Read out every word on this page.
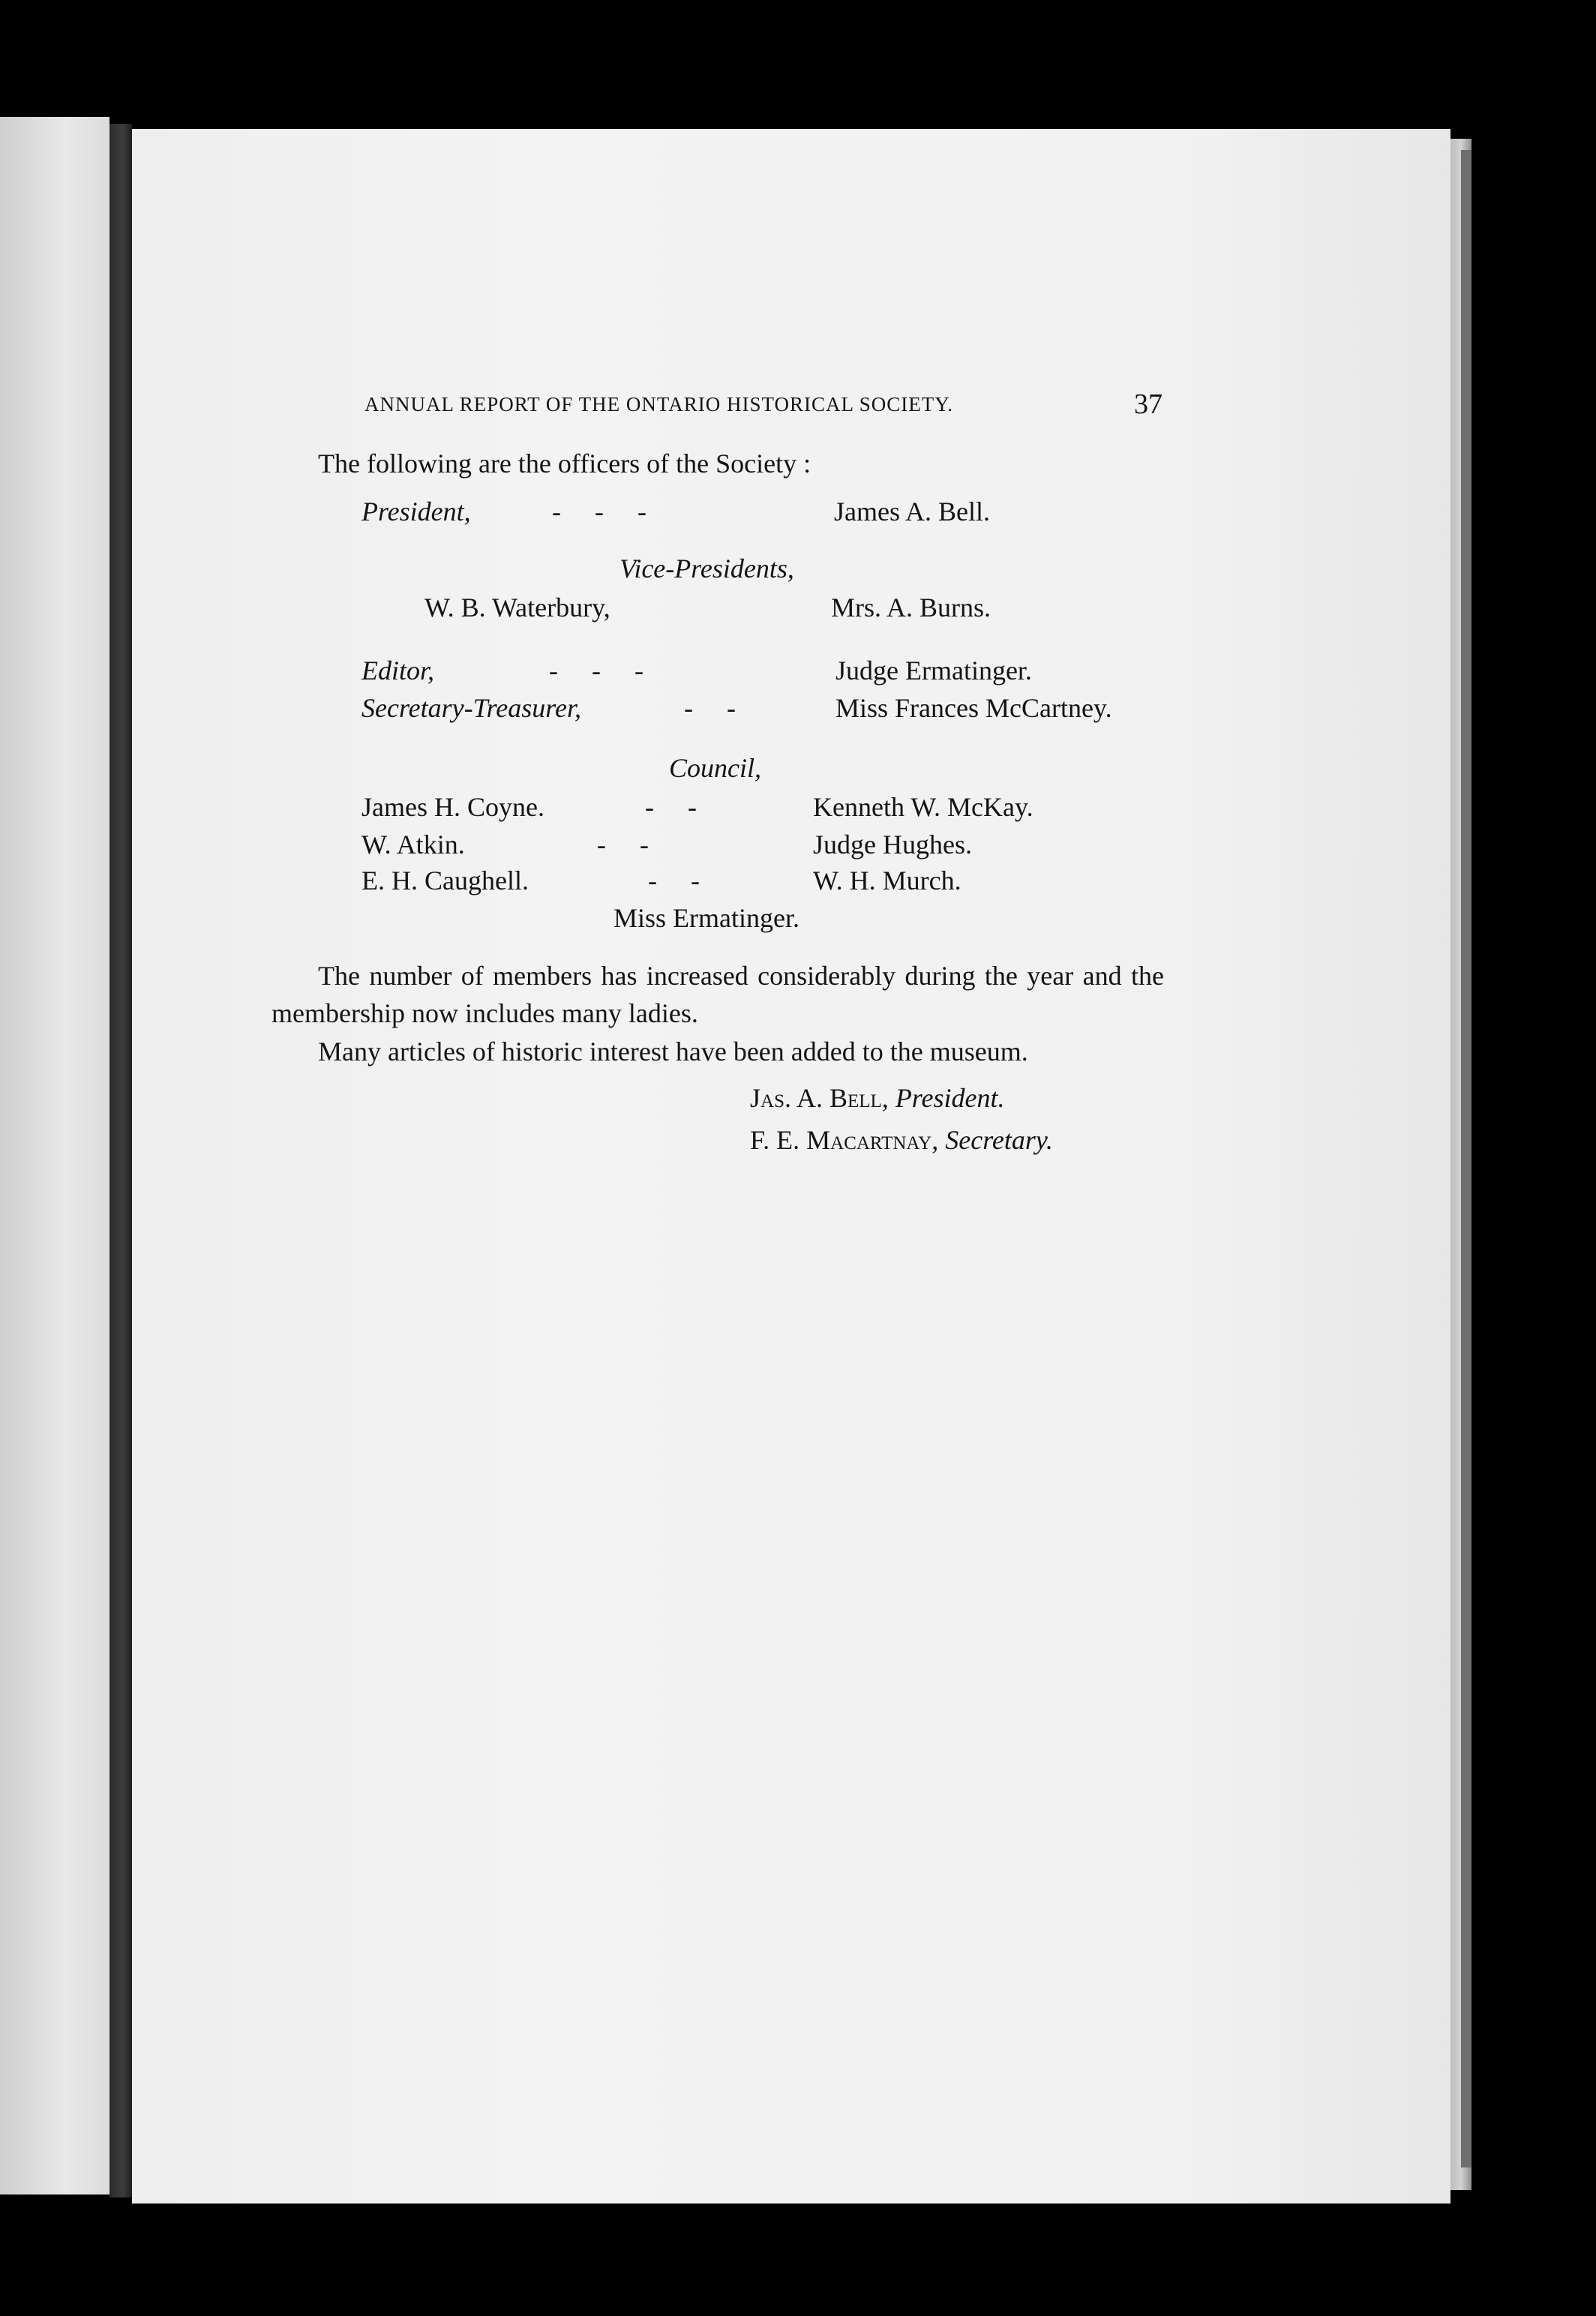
ANNUAL REPORT OF THE ONTARIO HISTORICAL SOCIETY.	37
The following are the officers of the Society :
President,	-     -     -	James A. Bell.
Vice-Presidents,
W. B. Waterbury,	Mrs. A. Burns.
Editor,	-     -     -	Judge Ermatinger.
Secretary-Treasurer,	-     -	Miss Frances McCartney.
Council,
James H. Coyne.	-     -	Kenneth W. McKay.
W. Atkin.	-     -	Judge Hughes.
E. H. Caughell.	-     -	W. H. Murch.
Miss Ermatinger.
The number of members has increased considerably during the year and the membership now includes many ladies.
Many articles of historic interest have been added to the museum.
Jas. A. Bell, President.
F. E. Macartnay, Secretary.
